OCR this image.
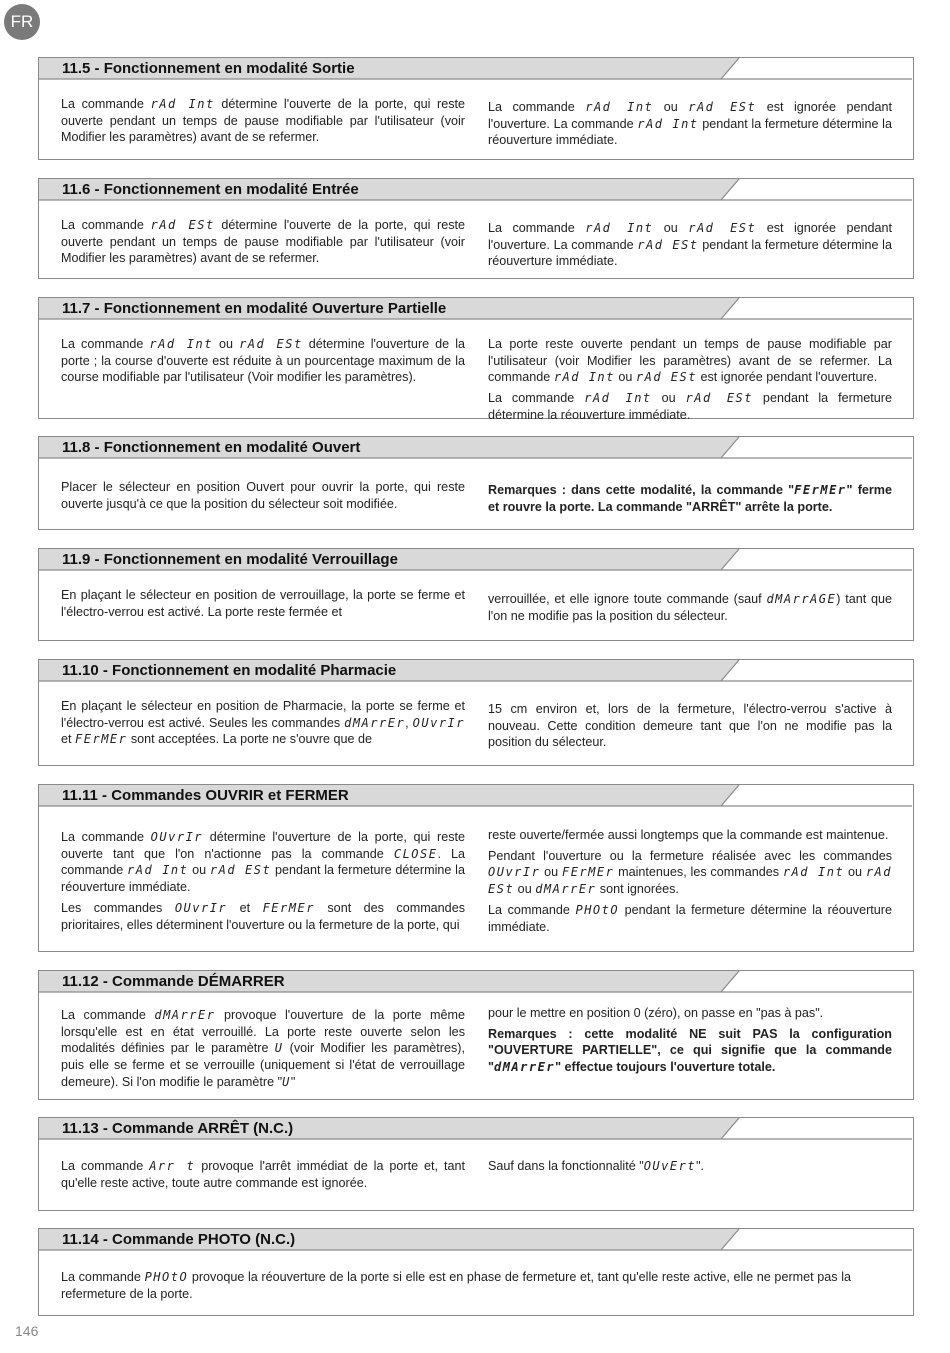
FR
11.5 - Fonctionnement en modalité Sortie

La commande rAd Int détermine l'ouverte de la porte, qui reste ouverte pendant un temps de pause modifiable par l'utilisateur (voir Modifier les paramètres) avant de se refermer.

La commande rAd Int ou rAd ESt est ignorée pendant l'ouverture. La commande rAd Int pendant la fermeture détermine la réouverture immédiate.

11.6 - Fonctionnement en modalité Entrée

La commande rAd ESt détermine l'ouverte de la porte, qui reste ouverte pendant un temps de pause modifiable par l'utilisateur (voir Modifier les paramètres) avant de se refermer.

La commande rAd Int ou rAd ESt est ignorée pendant l'ouverture. La commande rAd ESt pendant la fermeture détermine la réouverture immédiate.

11.7 - Fonctionnement en modalité Ouverture Partielle

La commande rAd Int ou rAd ESt détermine l'ouverture de la porte ; la course d'ouverte est réduite à un pourcentage maximum de la course modifiable par l'utilisateur (Voir modifier les paramètres).

La porte reste ouverte pendant un temps de pause modifiable par l'utilisateur (voir Modifier les paramètres) avant de se refermer. La commande rAd Int ou rAd ESt est ignorée pendant l'ouverture.

La commande rAd Int ou rAd ESt pendant la fermeture détermine la réouverture immédiate.

11.8 - Fonctionnement en modalité Ouvert

Placer le sélecteur en position Ouvert pour ouvrir la porte, qui reste ouverte jusqu'à ce que la position du sélecteur soit modifiée.

Remarques : dans cette modalité, la commande "FErMEr" ferme et rouvre la porte. La commande "ARRÊT" arrête la porte.

11.9 - Fonctionnement en modalité Verrouillage

En plaçant le sélecteur en position de verrouillage, la porte se ferme et l'électro-verrou est activé. La porte reste fermée et

verrouillée, et elle ignore toute commande (sauf dMArrAGE) tant que l'on ne modifie pas la position du sélecteur.

11.10 - Fonctionnement en modalité Pharmacie

En plaçant le sélecteur en position de Pharmacie, la porte se ferme et l'électro-verrou est activé. Seules les commandes dMArrEr, OUvrIr et FErMEr sont acceptées. La porte ne s'ouvre que de

15 cm environ et, lors de la fermeture, l'électro-verrou s'active à nouveau. Cette condition demeure tant que l'on ne modifie pas la position du sélecteur.

11.11 - Commandes OUVRIR et FERMER

La commande OUvrIr détermine l'ouverture de la porte, qui reste ouverte tant que l'on n'actionne pas la commande CLOSE. La commande rAd Int ou rAd ESt pendant la fermeture détermine la réouverture immédiate.

Les commandes OUvrIr et FErMEr sont des commandes prioritaires, elles déterminent l'ouverture ou la fermeture de la porte, qui

reste ouverte/fermée aussi longtemps que la commande est maintenue.

Pendant l'ouverture ou la fermeture réalisée avec les commandes OUvrIr ou FErMEr maintenues, les commandes rAd Int ou rAd ESt ou dMArrEr sont ignorées.

La commande PHOtO pendant la fermeture détermine la réouverture immédiate.

11.12 - Commande DÉMARRER

La commande dMArrEr provoque l'ouverture de la porte même lorsqu'elle est en état verrouillé. La porte reste ouverte selon les modalités définies par le paramètre U (voir Modifier les paramètres), puis elle se ferme et se verrouille (uniquement si l'état de verrouillage demeure). Si l'on modifie le paramètre "U"

pour le mettre en position 0 (zéro), on passe en "pas à pas".

Remarques : cette modalité NE suit PAS la configuration "OUVERTURE PARTIELLE", ce qui signifie que la commande "dMArrEr" effectue toujours l'ouverture totale.

11.13 - Commande ARRÊT (N.C.)

La commande Arr t provoque l'arrêt immédiat de la porte et, tant qu'elle reste active, toute autre commande est ignorée.

Sauf dans la fonctionnalité "OUvErt".

11.14 - Commande PHOTO (N.C.)

La commande PHOtO provoque la réouverture de la porte si elle est en phase de fermeture et, tant qu'elle reste active, elle ne permet pas la refermeture de la porte.

146
